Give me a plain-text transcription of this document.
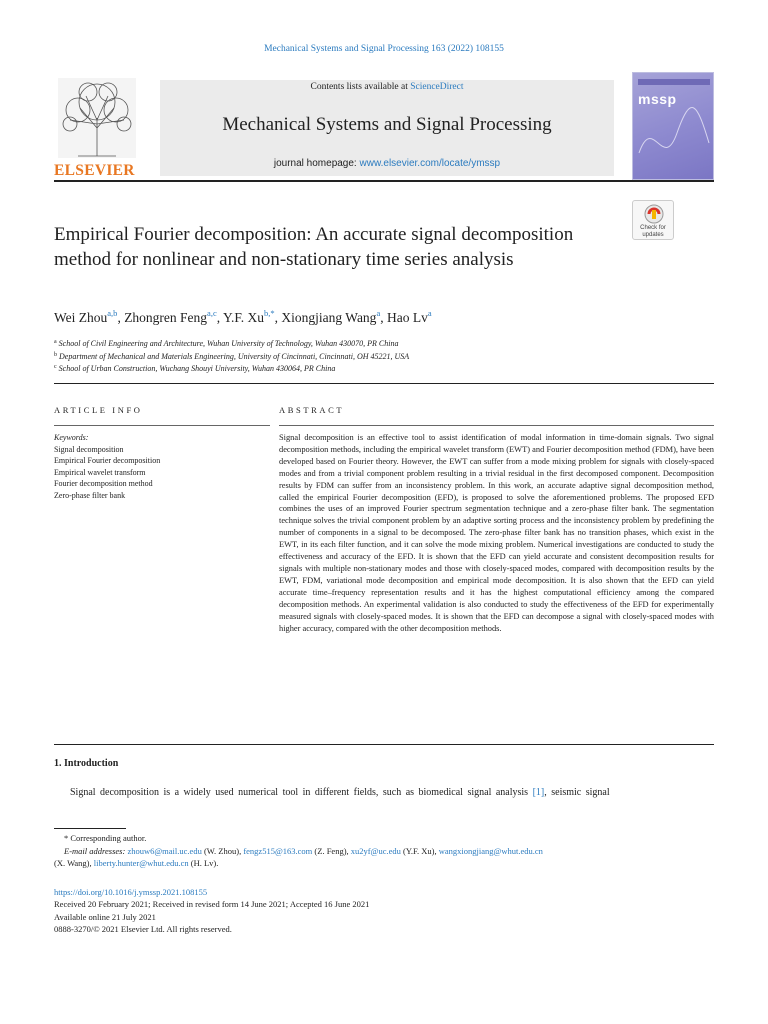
Mechanical Systems and Signal Processing 163 (2022) 108155
ELSEVIER
Contents lists available at ScienceDirect
Mechanical Systems and Signal Processing
journal homepage: www.elsevier.com/locate/ymssp
mssp
Check for updates
Empirical Fourier decomposition: An accurate signal decomposition method for nonlinear and non-stationary time series analysis
Wei Zhou$^{a,b}$, Zhongren Feng$^{a,c}$, Y.F. $Xu^{b,*}$, Xiongjiang Wang$^a$, Hao Lv$^a$
$^a$ School of Civil Engineering and Architecture, Wuhan University of Technology, Wuhan 430070, PR China
$^b$ Department of Mechanical and Materials Engineering, University of Cincinnati, Cincinnati, OH 45221, USA
$^c$ School of Urban Construction, Wuchang Shouyi University, Wuhan 430064, PR China
ARTICLE INFO
Keywords:
Signal decomposition
Empirical Fourier decomposition
Empirical wavelet transform
Fourier decomposition method
Zero-phase filter bank
ABSTRACT
Signal decomposition is an effective tool to assist identification of modal information in time-domain signals. Two signal decomposition methods, including the empirical wavelet transform (EWT) and Fourier decomposition method (FDM), have been developed based on Fourier theory. However, the EWT can suffer from a mode mixing problem for signals with closely-spaced modes and from a trivial component problem resulting in a trivial residual in the first decomposed component. Decomposition results by FDM can suffer from an inconsistency problem. In this work, an accurate adaptive signal decomposition method, called the empirical Fourier decomposition (EFD), is proposed to solve the aforementioned problems. The proposed EFD combines the uses of an improved Fourier spectrum segmentation technique and a zero-phase filter bank. The segmentation technique solves the trivial component problem by an adaptive sorting process and the inconsistency problem by predefining the number of components in a signal to be decomposed. The zero-phase filter bank has no transition phases, which exist in the EWT, in its each filter function, and it can solve the mode mixing problem. Numerical investigations are conducted to study the effectiveness and accuracy of the EFD. It is shown that the EFD can yield accurate and consistent decomposition results for signals with multiple non-stationary modes and those with closely-spaced modes, compared with decomposition results by the EWT, FDM, variational mode decomposition and empirical mode decomposition. It is also shown that the EFD can yield accurate time–frequency representation results and it has the highest computational efficiency among the compared decomposition methods. An experimental validation is also conducted to study the effectiveness of the EFD for experimentally measured signals with closely-spaced modes. It is shown that the EFD can decompose a signal with closely-spaced modes with higher accuracy, compared with the other decomposition methods.
1. Introduction
Signal decomposition is a widely used numerical tool in different fields, such as biomedical signal analysis [1], seismic signal
* Corresponding author.
E-mail addresses: zhouw6@mail.uc.edu (W. Zhou), fengz515@163.com (Z. Feng), xu2yf@uc.edu (Y.F. Xu), wangxiongjiang@whut.edu.cn
(X. Wang), liberty.hunter@whut.edu.cn (H. Lv).
https://doi.org/10.1016/j.ymssp.2021.108155
Received 20 February 2021; Received in revised form 14 June 2021; Accepted 16 June 2021
Available online 21 July 2021
0888-3270/© 2021 Elsevier Ltd. All rights reserved.
